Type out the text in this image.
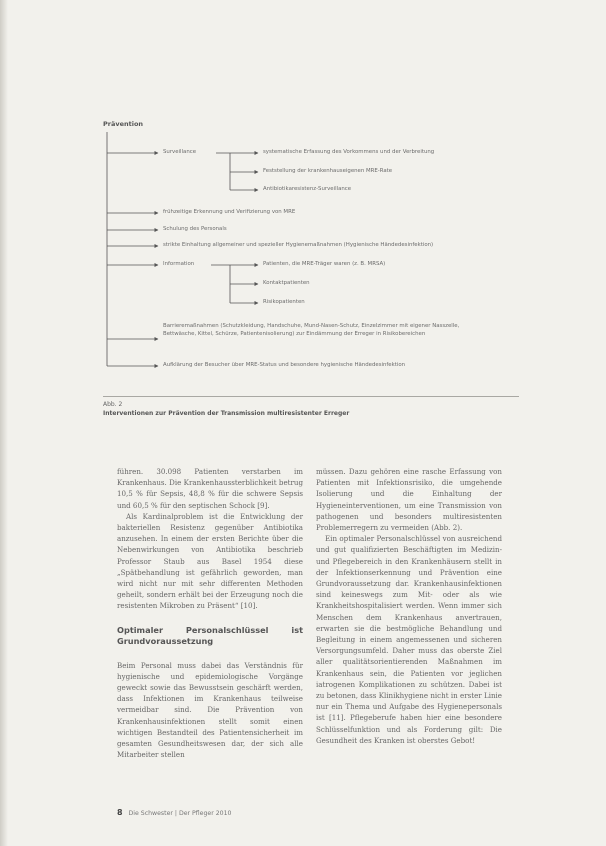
Prävention
Surveillance	systematische Erfassung des Vorkommens und der Verbreitung
Feststellung der krankenhauseigenen MRE-Rate
Antibiotikaresistenz-Surveillance
frühzeitige Erkennung und Verifizierung von MRE
Schulung des Personals
strikte Einhaltung allgemeiner und spezieller Hygienemaßnahmen (Hygienische Händedesinfektion)
Information	Patienten, die MRE-Träger waren (z. B. MRSA)
Kontaktpatienten
Risikopatienten
Barrieremaßnahmen (Schutzkleidung, Handschuhe, Mund-Nasen-Schutz, Einzelzimmer mit eigener Nasszelle, Bettwäsche, Kittel, Schürze, Patientenisolierung) zur Eindämmung der Erreger in Risikobereichen
Aufklärung der Besucher über MRE-Status und besondere hygienische Händedesinfektion
Abb. 2
Interventionen zur Prävention der Transmission multiresistenter Erreger

führen. 30.098 Patienten verstarben im Krankenhaus. Die Krankenhaussterblichkeit betrug 10,5 % für Sepsis, 48,8 % für die schwere Sepsis und 60,5 % für den septischen Schock [9].

Als Kardinalproblem ist die Entwicklung der bakteriellen Resistenz gegenüber Antibiotika anzusehen. In einem der ersten Berichte über die Nebenwirkungen von Antibiotika beschrieb Professor Staub aus Basel 1954 diese „Spätbehandlung ist gefährlich geworden, man wird nicht nur mit sehr differenten Methoden geheilt, sondern erhält bei der Erzeugung noch die resistenten Mikroben zu Präsent“ [10].

Optimaler Personalschlüssel ist Grundvoraussetzung

Beim Personal muss dabei das Verständnis für hygienische und epidemiologische Vorgänge geweckt sowie das Bewusstsein geschärft werden, dass Infektionen im Krankenhaus teilweise vermeidbar sind. Die Prävention von Krankenhausinfektionen stellt somit einen wichtigen Bestandteil des Patientensicherheit im gesamten Gesundheitswesen dar, der sich alle Mitarbeiter stellen

müssen. Dazu gehören eine rasche Erfassung von Patienten mit Infektionsrisiko, die umgehende Isolierung und die Einhaltung der Hygieneinterventionen, um eine Transmission von pathogenen und besonders multiresistenten Problemerregern zu vermeiden (Abb. 2).

Ein optimaler Personalschlüssel von ausreichend und gut qualifizierten Beschäftigten im Medizin- und Pflegebereich in den Krankenhäusern stellt in der Infektionserkennung und Prävention eine Grundvoraussetzung dar. Krankenhausinfektionen sind keineswegs zum Mit- oder als wie Krankheitshospitalisiert werden. Wenn immer sich Menschen dem Krankenhaus anvertrauen, erwarten sie die bestmögliche Behandlung und Begleitung in einem angemessenen und sicheren Versorgungsumfeld. Daher muss das oberste Ziel aller qualitätsorientierenden Maßnahmen im Krankenhaus sein, die Patienten vor jeglichen iatrogenen Komplikationen zu schützen. Dabei ist zu betonen, dass Klinikhygiene nicht in erster Linie nur ein Thema und Aufgabe des Hygienepersonals ist [11]. Pflegeberufe haben hier eine besondere Schlüsselfunktion und als Forderung gilt: Die Gesundheit des Kranken ist oberstes Gebot!

8 Die Schwester | Der Pfleger 2010
